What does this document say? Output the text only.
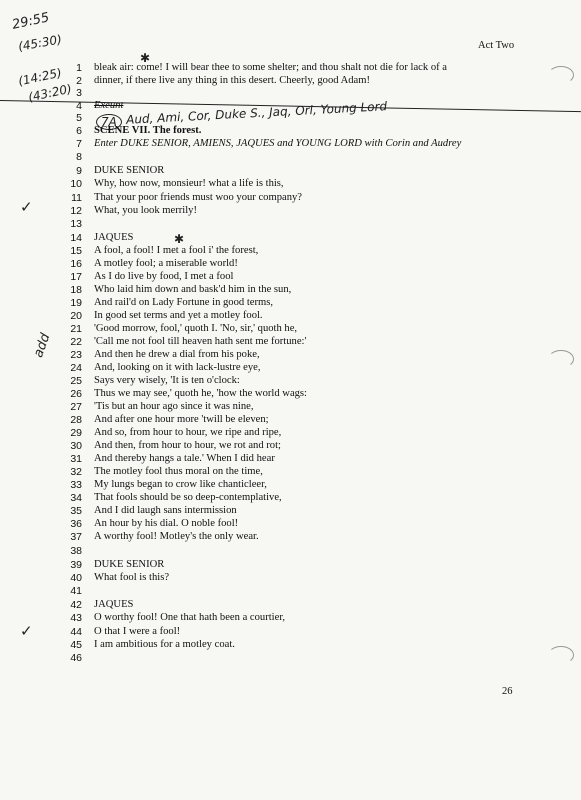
Act Two
29:55
(45:30)
(14:25)
(43:20)
7A Aud, Ami, Cor, Duke S., Jaq, Orl, Young Lord
add
✓
✓
✱
✱
1 bleak air: come! I will bear thee to some shelter; and thou shalt not die for lack of a
2 dinner, if there live any thing in this desert. Cheerly, good Adam!
3
4 Exeunt
5
6 SCENE VII. The forest.
7 Enter DUKE SENIOR, AMIENS, JAQUES and YOUNG LORD with Corin and Audrey
8
9 DUKE SENIOR
10 Why, how now, monsieur! what a life is this,
11 That your poor friends must woo your company?
12 What, you look merrily!
13
14 JAQUES
15 A fool, a fool! I met a fool i' the forest,
16 A motley fool; a miserable world!
17 As I do live by food, I met a fool
18 Who laid him down and bask'd him in the sun,
19 And rail'd on Lady Fortune in good terms,
20 In good set terms and yet a motley fool.
21 'Good morrow, fool,' quoth I. 'No, sir,' quoth he,
22 'Call me not fool till heaven hath sent me fortune:'
23 And then he drew a dial from his poke,
24 And, looking on it with lack-lustre eye,
25 Says very wisely, 'It is ten o'clock:
26 Thus we may see,' quoth he, 'how the world wags:
27 'Tis but an hour ago since it was nine,
28 And after one hour more 'twill be eleven;
29 And so, from hour to hour, we ripe and ripe,
30 And then, from hour to hour, we rot and rot;
31 And thereby hangs a tale.' When I did hear
32 The motley fool thus moral on the time,
33 My lungs began to crow like chanticleer,
34 That fools should be so deep-contemplative,
35 And I did laugh sans intermission
36 An hour by his dial. O noble fool!
37 A worthy fool! Motley's the only wear.
38
39 DUKE SENIOR
40 What fool is this?
41
42 JAQUES
43 O worthy fool! One that hath been a courtier,
44 O that I were a fool!
45 I am ambitious for a motley coat.
46
26
